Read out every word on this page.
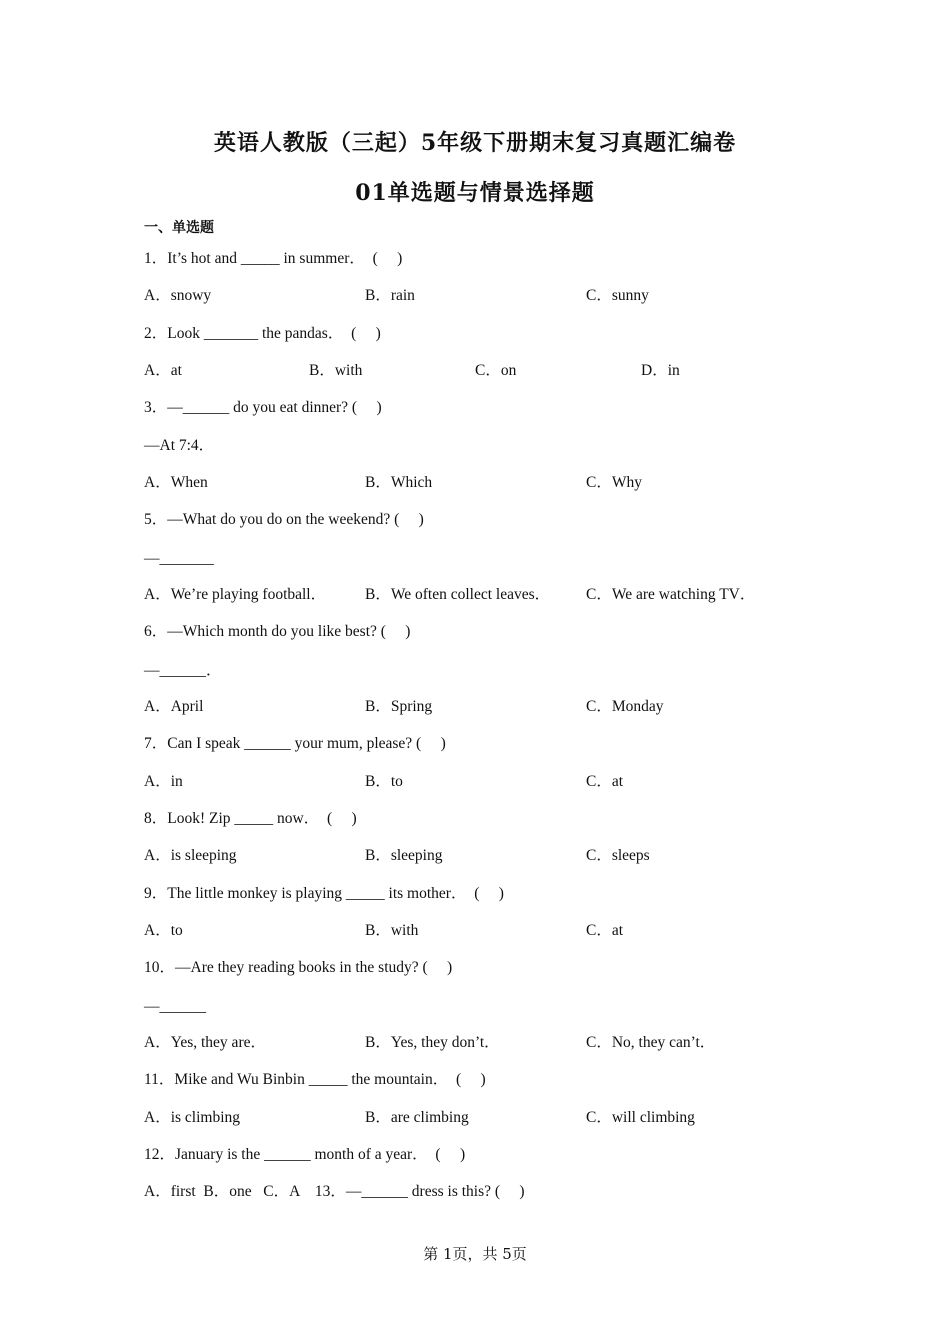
英语人教版（三起）5年级下册期末复习真题汇编卷
01单选题与情景选择题
一、单选题
1．It’s hot and _____ in summer．  (     )
A．snowy	B．rain	C．sunny
2．Look _______ the pandas．  (     )
A．at	B．with	C．on	D．in
3．—______ do you eat dinner? (     )
—At 7:4．
A．When	B．Which	C．Why
5．—What do you do on the weekend? (     )
—_______
A．We’re playing football．	B．We often collect leaves． C．We are watching TV．
6．—Which month do you like best? (     )
—______．
A．April	B．Spring	C．Monday
7．Can I speak ______ your mum, please? (     )
A．in	B．to	C．at
8．Look! Zip _____ now．  (     )
A．is sleeping	B．sleeping	C．sleeps
9．The little monkey is playing _____ its mother．  (     )
A．to	B．with	C．at
10．—Are they reading books in the study? (     )
—______
A．Yes, they are．	B．Yes, they don’t．	C．No, they can’t．
11．Mike and Wu Binbin _____ the mountain．  (     )
A．is climbing	B．are climbing	C．will climbing
12．January is the ______ month of a year．  (     )
A．first  B．one   C．A    13．—______ dress is this? (     )
第 1页，共 5页
